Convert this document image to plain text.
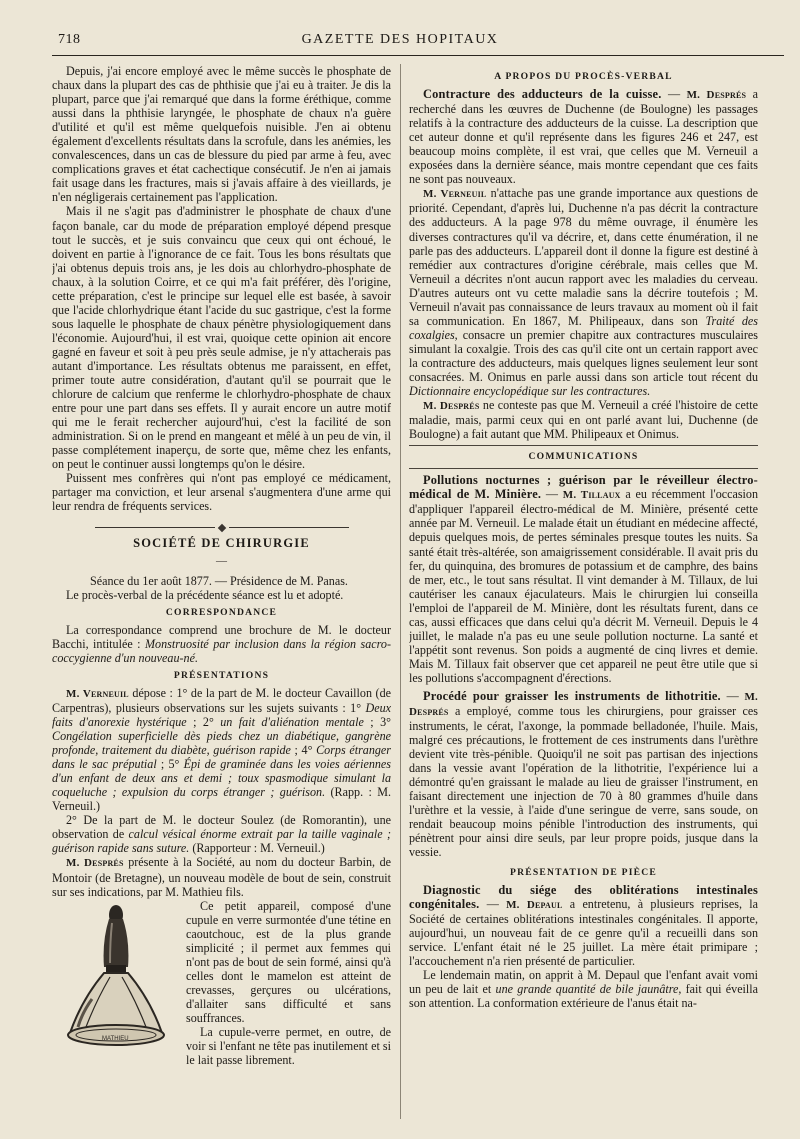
718	GAZETTE DES HOPITAUX

Depuis, j'ai encore employé avec le même succès le phosphate de chaux dans la plupart des cas de phthisie que j'ai eu à traiter. Je dis la plupart, parce que j'ai remarqué que dans la forme éréthique, comme aussi dans la phthisie laryngée, le phosphate de chaux n'a guère d'utilité et qu'il est même quelquefois nuisible. J'en ai obtenu également d'excellents résultats dans la scrofule, dans les anémies, les convalescences, dans un cas de blessure du pied par arme à feu, avec complications graves et état cachectique consécutif. Je n'en ai jamais fait usage dans les fractures, mais si j'avais affaire à des vieillards, je n'en négligerais certainement pas l'application.

Mais il ne s'agit pas d'administrer le phosphate de chaux d'une façon banale, car du mode de préparation employé dépend presque tout le succès, et je suis convaincu que ceux qui ont échoué, le doivent en partie à l'ignorance de ce fait. Tous les bons résultats que j'ai obtenus depuis trois ans, je les dois au chlorhydro-phosphate de chaux, à la solution Coirre, et ce qui m'a fait préférer, dès l'origine, cette préparation, c'est le principe sur lequel elle est basée, à savoir que l'acide chlorhydrique étant l'acide du suc gastrique, c'est la forme sous laquelle le phosphate de chaux pénètre physiologiquement dans l'économie. Aujourd'hui, il est vrai, quoique cette opinion ait encore gagné en faveur et soit à peu près seule admise, je n'y attacherais pas autant d'importance. Les résultats obtenus me paraissent, en effet, primer toute autre considération, d'autant qu'il se pourrait que le chlorure de calcium que renferme le chlorhydro-phosphate de chaux entre pour une part dans ses effets. Il y aurait encore un autre motif qui me le ferait rechercher aujourd'hui, c'est la facilité de son administration. Si on le prend en mangeant et mêlé à un peu de vin, il passe complétement inaperçu, de sorte que, même chez les enfants, on peut le continuer aussi longtemps qu'on le désire.

Puissent mes confrères qui n'ont pas employé ce médicament, partager ma conviction, et leur arsenal s'augmentera d'une arme qui leur rendra de fréquents services.

SOCIÉTÉ DE CHIRURGIE
—

Séance du 1er août 1877. — Présidence de M. Panas.

Le procès-verbal de la précédente séance est lu et adopté.

CORRESPONDANCE

La correspondance comprend une brochure de M. le docteur Bacchi, intitulée : Monstruosité par inclusion dans la région sacro-coccygienne d'un nouveau-né.

PRÉSENTATIONS

M. Verneuil dépose : 1° de la part de M. le docteur Cavaillon (de Carpentras), plusieurs observations sur les sujets suivants : 1° Deux faits d'anorexie hystérique ; 2° un fait d'aliénation mentale ; 3° Congélation superficielle dès pieds chez un diabétique, gangrène profonde, traitement du diabète, guérison rapide ; 4° Corps étranger dans le sac préputial ; 5° Épi de graminée dans les voies aériennes d'un enfant de deux ans et demi ; toux spasmodique simulant la coqueluche ; expulsion du corps étranger ; guérison. (Rapp. : M. Verneuil.)

2° De la part de M. le docteur Soulez (de Romorantin), une observation de calcul vésical énorme extrait par la taille vaginale ; guérison rapide sans suture. (Rapporteur : M. Verneuil.)

M. Després présente à la Société, au nom du docteur Barbin, de Montoir (de Bretagne), un nouveau modèle de bout de sein, construit sur ses indications, par M. Mathieu fils.

MATHIEU

Ce petit appareil, composé d'une cupule en verre surmontée d'une tétine en caoutchouc, est de la plus grande simplicité ; il permet aux femmes qui n'ont pas de bout de sein formé, ainsi qu'à celles dont le mamelon est atteint de crevasses, gerçures ou ulcérations, d'allaiter sans difficulté et sans souffrances.

La cupule-verre permet, en outre, de voir si l'enfant ne tête pas inutilement et si le lait passe librement.

A PROPOS DU PROCÈS-VERBAL

Contracture des adducteurs de la cuisse. — M. Després a recherché dans les œuvres de Duchenne (de Boulogne) les passages relatifs à la contracture des adducteurs de la cuisse. La description que cet auteur donne et qu'il représente dans les figures 246 et 247, est beaucoup moins complète, il est vrai, que celles que M. Verneuil a exposées dans la dernière séance, mais montre cependant que ces faits ne sont pas nouveaux.

M. Verneuil n'attache pas une grande importance aux questions de priorité. Cependant, d'après lui, Duchenne n'a pas décrit la contracture des adducteurs. A la page 978 du même ouvrage, il énumère les diverses contractures qu'il va décrire, et, dans cette énumération, il ne parle pas des adducteurs. L'appareil dont il donne la figure est destiné à remédier aux contractures d'origine cérébrale, mais celles que M. Verneuil a décrites n'ont aucun rapport avec les maladies du cerveau. D'autres auteurs ont vu cette maladie sans la décrire toutefois ; M. Verneuil n'avait pas connaissance de leurs travaux au moment où il fait sa communication. En 1867, M. Philipeaux, dans son Traité des coxalgies, consacre un premier chapitre aux contractures musculaires simulant la coxalgie. Trois des cas qu'il cite ont un certain rapport avec la contracture des adducteurs, mais quelques lignes seulement leur sont consacrées. M. Onimus en parle aussi dans son article tout récent du Dictionnaire encyclopédique sur les contractures.

M. Després ne conteste pas que M. Verneuil a créé l'histoire de cette maladie, mais, parmi ceux qui en ont parlé avant lui, Duchenne (de Boulogne) a fait autant que MM. Philipeaux et Onimus.

COMMUNICATIONS

Pollutions nocturnes ; guérison par le réveilleur électro-médical de M. Minière. — M. Tillaux a eu récemment l'occasion d'appliquer l'appareil électro-médical de M. Minière, présenté cette année par M. Verneuil. Le malade était un étudiant en médecine affecté, depuis quelques mois, de pertes séminales presque toutes les nuits. Sa santé était très-altérée, son amaigrissement considérable. Il avait pris du fer, du quinquina, des bromures de potassium et de camphre, des bains de mer, etc., le tout sans résultat. Il vint demander à M. Tillaux, de lui cautériser les canaux éjaculateurs. Mais le chirurgien lui conseilla l'emploi de l'appareil de M. Minière, dont les résultats furent, dans ce cas, aussi efficaces que dans celui qu'a décrit M. Verneuil. Depuis le 4 juillet, le malade n'a pas eu une seule pollution nocturne. La santé et l'appétit sont revenus. Son poids a augmenté de cinq livres et demie. Mais M. Tillaux fait observer que cet appareil ne peut être utile que si les pollutions s'accompagnent d'érections.

Procédé pour graisser les instruments de lithotritie. — M. Després a employé, comme tous les chirurgiens, pour graisser ces instruments, le cérat, l'axonge, la pommade belladonée, l'huile. Mais, malgré ces précautions, le frottement de ces instruments dans l'urèthre devient vite très-pénible. Quoiqu'il ne soit pas partisan des injections dans la vessie avant l'opération de la lithotritie, l'expérience lui a démontré qu'en graissant le malade au lieu de graisser l'instrument, en faisant directement une injection de 70 à 80 grammes d'huile dans l'urèthre et la vessie, à l'aide d'une seringue de verre, sans soude, on rendait beaucoup moins pénible l'introduction des instruments, qui pénètrent pour ainsi dire seuls, par leur propre poids, jusque dans la vessie.

PRÉSENTATION DE PIÈCE

Diagnostic du siége des oblitérations intestinales congénitales. — M. Depaul a entretenu, à plusieurs reprises, la Société de certaines oblitérations intestinales congénitales. Il apporte, aujourd'hui, un nouveau fait de ce genre qu'il a recueilli dans son service. L'enfant était né le 25 juillet. La mère était primipare ; l'accouchement n'a rien présenté de particulier.

Le lendemain matin, on apprit à M. Depaul que l'enfant avait vomi un peu de lait et une grande quantité de bile jaunâtre, fait qui éveilla son attention. La conformation extérieure de l'anus était na-
